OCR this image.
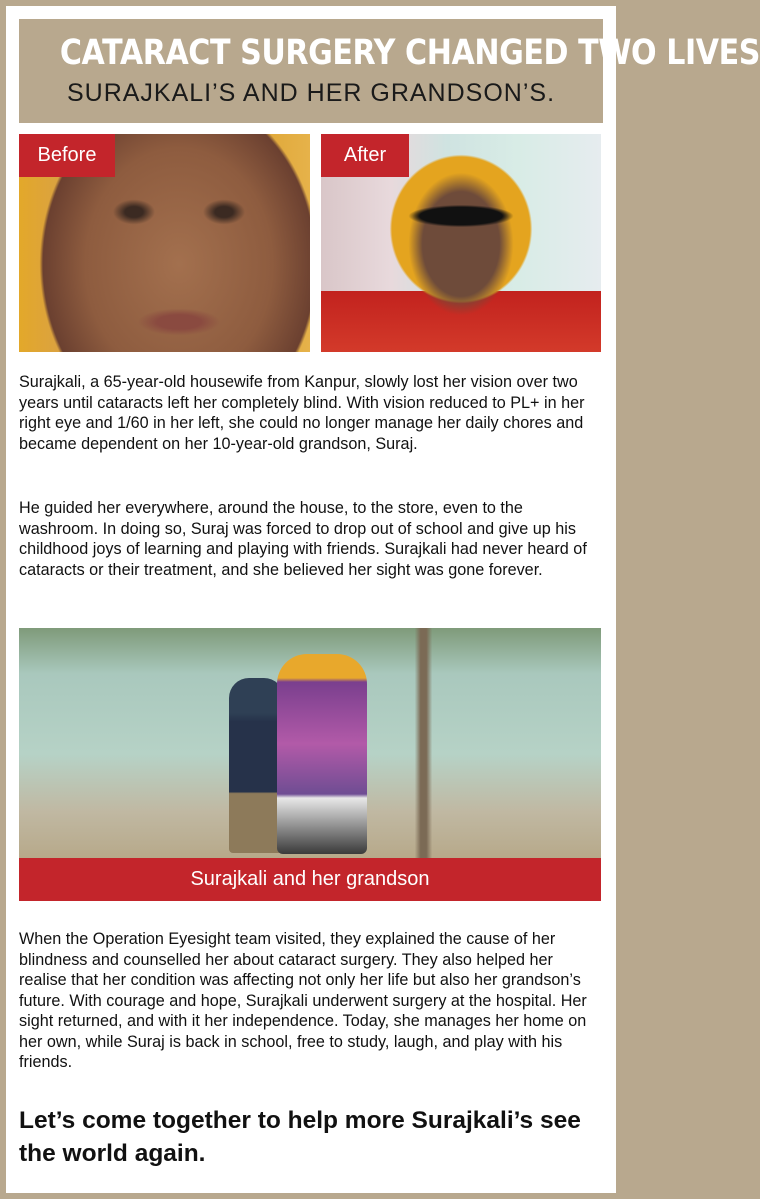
CATARACT SURGERY CHANGED TWO LIVES
SURAJKALI’S AND HER GRANDSON’S.
Before	After

Surajkali, a 65-year-old housewife from Kanpur, slowly lost her vision over two years until cataracts left her completely blind. With vision reduced to PL+ in her right eye and 1/60 in her left, she could no longer manage her daily chores and became dependent on her 10-year-old grandson, Suraj.

He guided her everywhere, around the house, to the store, even to the washroom. In doing so, Suraj was forced to drop out of school and give up his childhood joys of learning and playing with friends. Surajkali had never heard of cataracts or their treatment, and she believed her sight was gone forever.

Surajkali and her grandson

When the Operation Eyesight team visited, they explained the cause of her blindness and counselled her about cataract surgery. They also helped her realise that her condition was affecting not only her life but also her grandson’s future. With courage and hope, Surajkali underwent surgery at the hospital. Her sight returned, and with it her independence. Today, she manages her home on her own, while Suraj is back in school, free to study, laugh, and play with his friends.

Let’s come together to help more Surajkali’s see the world again.
